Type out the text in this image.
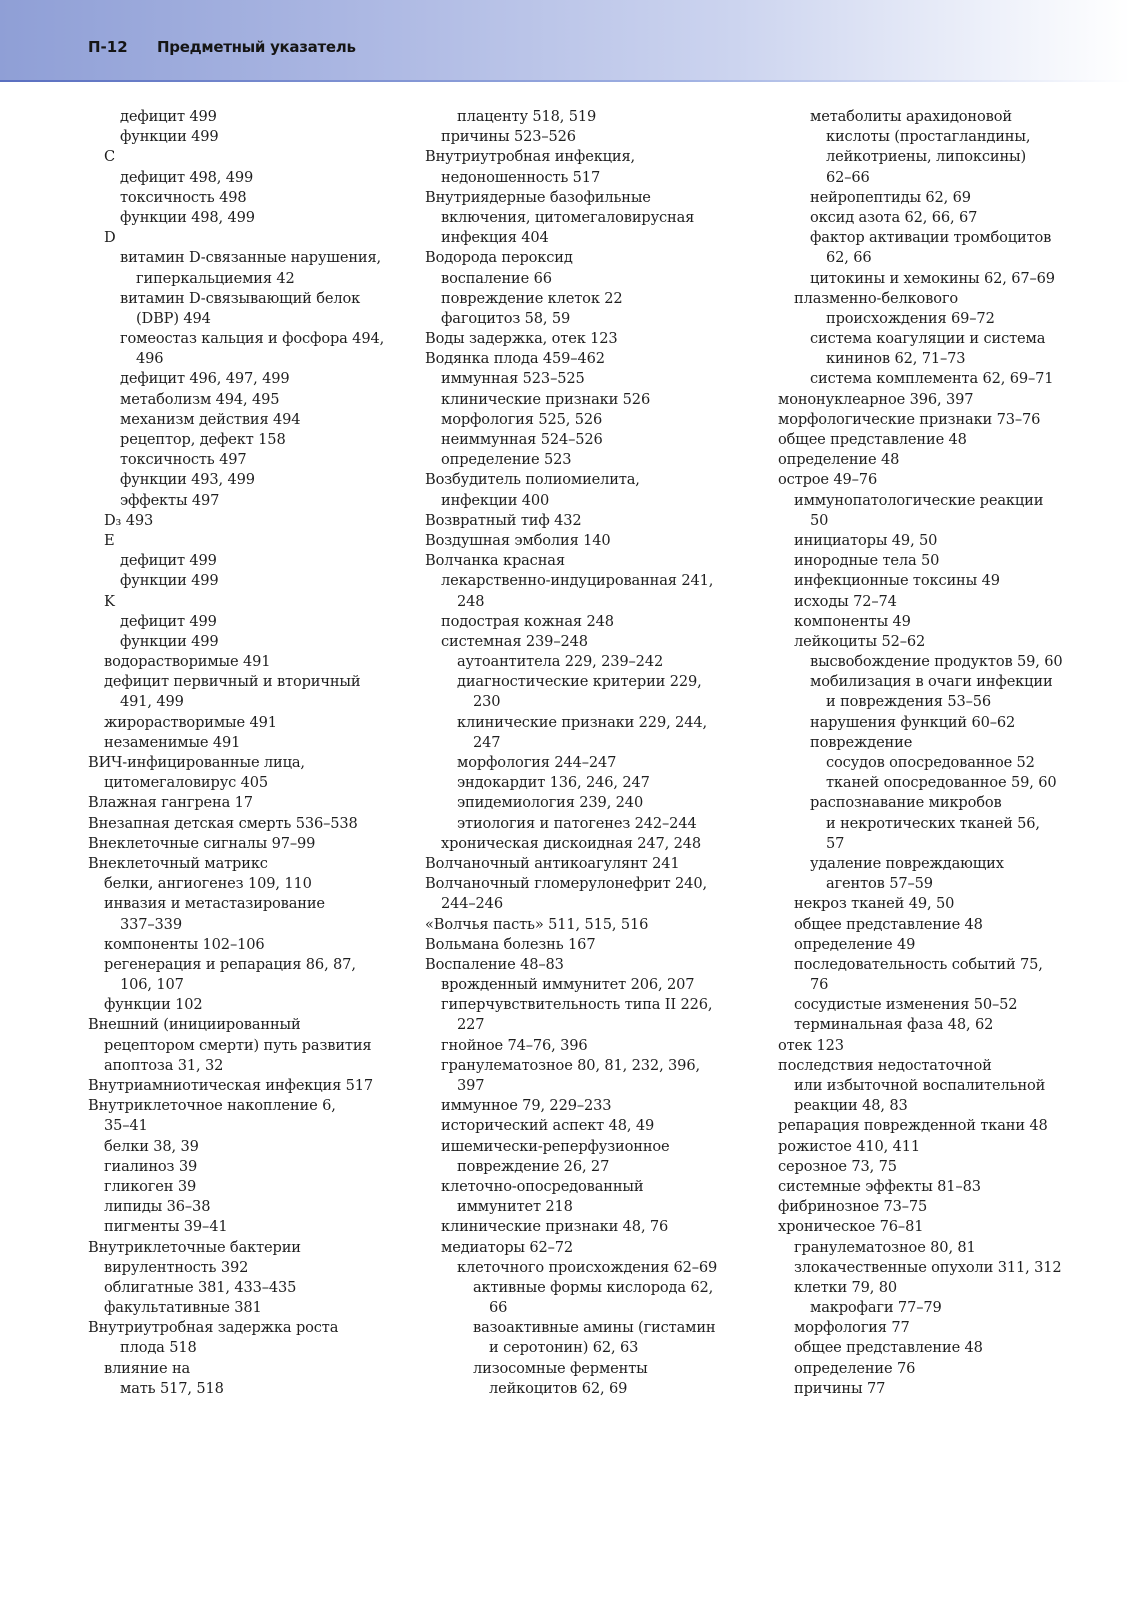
П-12 Предметный указатель
дефицит 499
функции 499
C
дефицит 498, 499
токсичность 498
функции 498, 499
D
витамин D-связанные нарушения,
гиперкальциемия 42
витамин D-связывающий белок
(DBP) 494
гомеостаз кальция и фосфора 494,
496
дефицит 496, 497, 499
метаболизм 494, 495
механизм действия 494
рецептор, дефект 158
токсичность 497
функции 493, 499
эффекты 497
D₃ 493
E
дефицит 499
функции 499
K
дефицит 499
функции 499
водорастворимые 491
дефицит первичный и вторичный
491, 499
жирорастворимые 491
незаменимые 491
ВИЧ-инфицированные лица,
цитомегаловирус 405
Влажная гангрена 17
Внезапная детская смерть 536–538
Внеклеточные сигналы 97–99
Внеклеточный матрикс
белки, ангиогенез 109, 110
инвазия и метастазирование
337–339
компоненты 102–106
регенерация и репарация 86, 87,
106, 107
функции 102
Внешний (инициированный
рецептором смерти) путь развития
апоптоза 31, 32
Внутриамниотическая инфекция 517
Внутриклеточное накопление 6,
35–41
белки 38, 39
гиалиноз 39
гликоген 39
липиды 36–38
пигменты 39–41
Внутриклеточные бактерии
вирулентность 392
облигатные 381, 433–435
факультативные 381
Внутриутробная задержка роста
плода 518
влияние на
мать 517, 518
плаценту 518, 519
причины 523–526
Внутриутробная инфекция,
недоношенность 517
Внутриядерные базофильные
включения, цитомегаловирусная
инфекция 404
Водорода пероксид
воспаление 66
повреждение клеток 22
фагоцитоз 58, 59
Воды задержка, отек 123
Водянка плода 459–462
иммунная 523–525
клинические признаки 526
морфология 525, 526
неиммунная 524–526
определение 523
Возбудитель полиомиелита,
инфекции 400
Возвратный тиф 432
Воздушная эмболия 140
Волчанка красная
лекарственно-индуцированная 241,
248
подострая кожная 248
системная 239–248
аутоантитела 229, 239–242
диагностические критерии 229,
230
клинические признаки 229, 244,
247
морфология 244–247
эндокардит 136, 246, 247
эпидемиология 239, 240
этиология и патогенез 242–244
хроническая дискоидная 247, 248
Волчаночный антикоагулянт 241
Волчаночный гломерулонефрит 240,
244–246
«Волчья пасть» 511, 515, 516
Вольмана болезнь 167
Воспаление 48–83
врожденный иммунитет 206, 207
гиперчувствительность типа II 226,
227
гнойное 74–76, 396
гранулематозное 80, 81, 232, 396,
397
иммунное 79, 229–233
исторический аспект 48, 49
ишемически-реперфузионное
повреждение 26, 27
клеточно-опосредованный
иммунитет 218
клинические признаки 48, 76
медиаторы 62–72
клеточного происхождения 62–69
активные формы кислорода 62,
66
вазоактивные амины (гистамин
и серотонин) 62, 63
лизосомные ферменты
лейкоцитов 62, 69
метаболиты арахидоновой
кислоты (простагландины,
лейкотриены, липоксины)
62–66
нейропептиды 62, 69
оксид азота 62, 66, 67
фактор активации тромбоцитов
62, 66
цитокины и хемокины 62, 67–69
плазменно-белкового
происхождения 69–72
система коагуляции и система
кининов 62, 71–73
система комплемента 62, 69–71
мононуклеарное 396, 397
морфологические признаки 73–76
общее представление 48
определение 48
острое 49–76
иммунопатологические реакции
50
инициаторы 49, 50
инородные тела 50
инфекционные токсины 49
исходы 72–74
компоненты 49
лейкоциты 52–62
высвобождение продуктов 59, 60
мобилизация в очаги инфекции
и повреждения 53–56
нарушения функций 60–62
повреждение
сосудов опосредованное 52
тканей опосредованное 59, 60
распознавание микробов
и некротических тканей 56,
57
удаление повреждающих
агентов 57–59
некроз тканей 49, 50
общее представление 48
определение 49
последовательность событий 75,
76
сосудистые изменения 50–52
терминальная фаза 48, 62
отек 123
последствия недостаточной
или избыточной воспалительной
реакции 48, 83
репарация поврежденной ткани 48
рожистое 410, 411
серозное 73, 75
системные эффекты 81–83
фибринозное 73–75
хроническое 76–81
гранулематозное 80, 81
злокачественные опухоли 311, 312
клетки 79, 80
макрофаги 77–79
морфология 77
общее представление 48
определение 76
причины 77
